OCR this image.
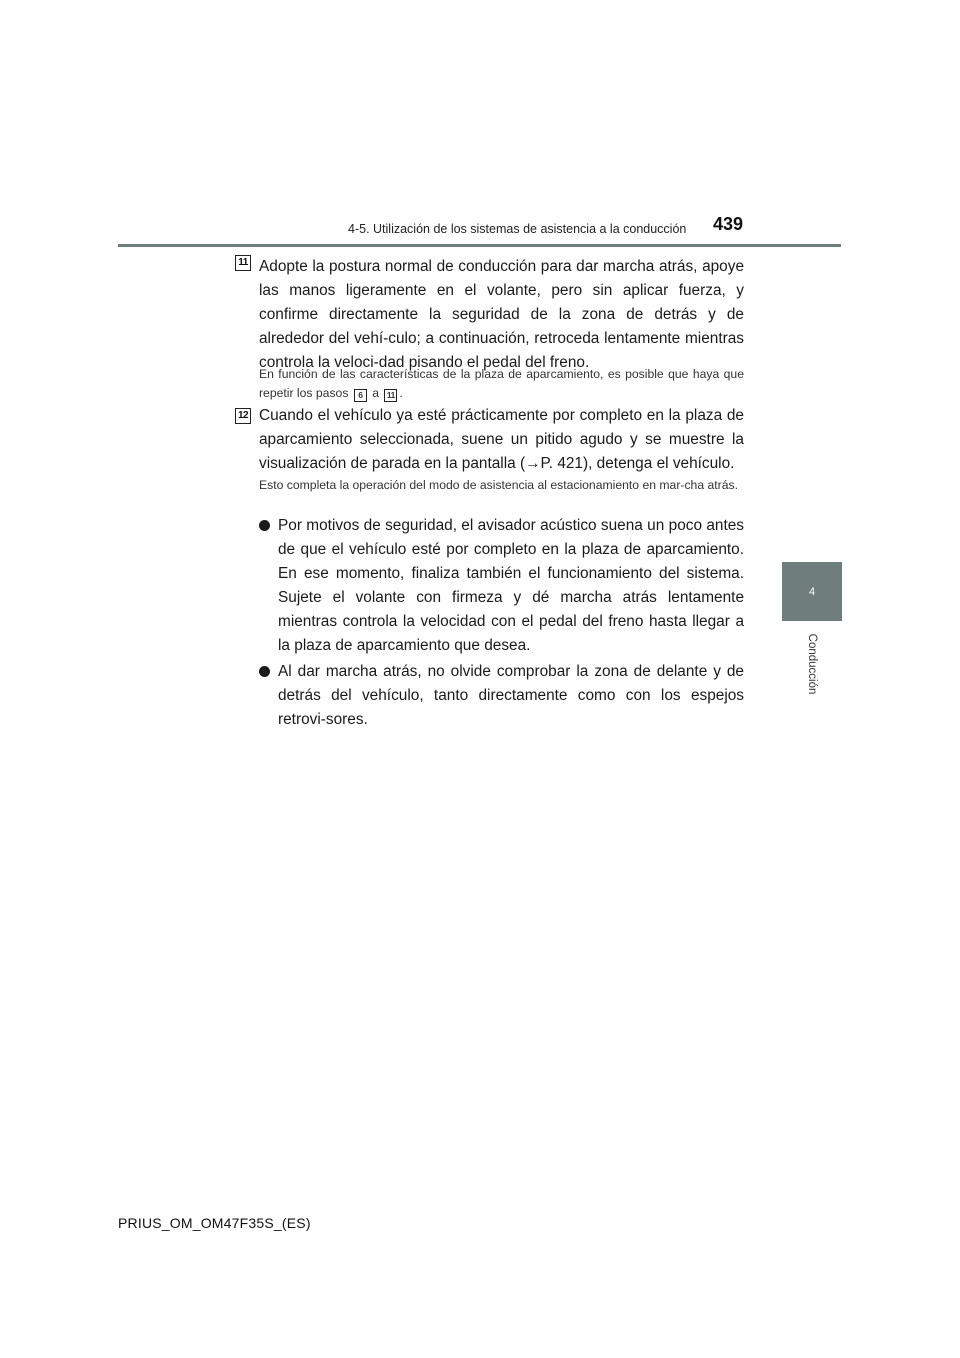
4-5. Utilización de los sistemas de asistencia a la conducción 439
4
Conducción
11 Adopte la postura normal de conducción para dar marcha atrás, apoye las manos ligeramente en el volante, pero sin aplicar fuerza, y confirme directamente la seguridad de la zona de detrás y de alrededor del vehí-culo; a continuación, retroceda lentamente mientras controla la veloci-dad pisando el pedal del freno.
En función de las características de la plaza de aparcamiento, es posible que haya que repetir los pasos 6 a 11 .
12 Cuando el vehículo ya esté prácticamente por completo en la plaza de aparcamiento seleccionada, suene un pitido agudo y se muestre la visualización de parada en la pantalla (→P. 421), detenga el vehículo.
Esto completa la operación del modo de asistencia al estacionamiento en mar-cha atrás.
Por motivos de seguridad, el avisador acústico suena un poco antes de que el vehículo esté por completo en la plaza de aparcamiento. En ese momento, finaliza también el funcionamiento del sistema. Sujete el volante con firmeza y dé marcha atrás lentamente mientras controla la velocidad con el pedal del freno hasta llegar a la plaza de aparcamiento que desea.
Al dar marcha atrás, no olvide comprobar la zona de delante y de detrás del vehículo, tanto directamente como con los espejos retrovi-sores.
PRIUS_OM_OM47F35S_(ES)
